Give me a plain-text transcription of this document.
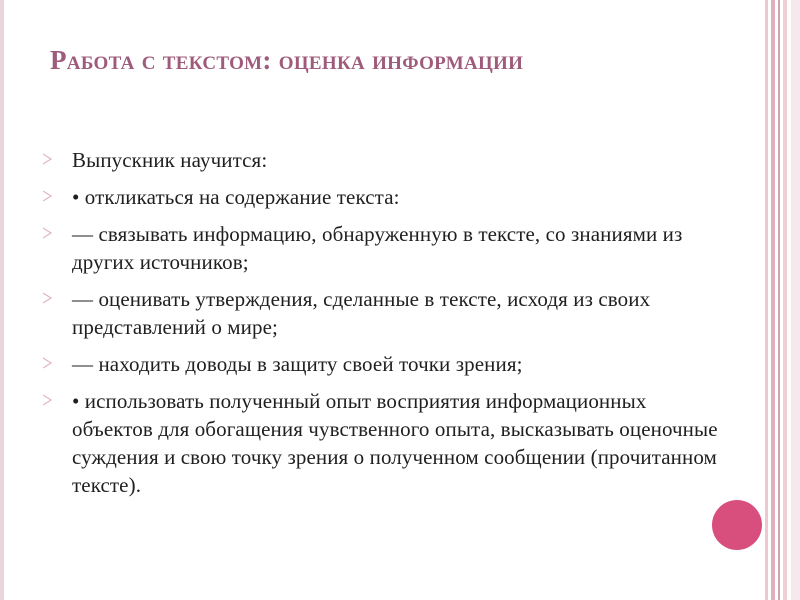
Работа с текстом: оценка информации
Выпускник научится:
• откликаться на содержание текста:
— связывать информацию, обнаруженную в тексте, со знаниями из других источников;
— оценивать утверждения, сделанные в тексте, исходя из своих представлений о мире;
— находить доводы в защиту своей точки зрения;
• использовать полученный опыт восприятия информационных объектов для обогащения чувственного опыта, высказывать оценочные суждения и свою точку зрения о полученном сообщении (прочитанном тексте).
